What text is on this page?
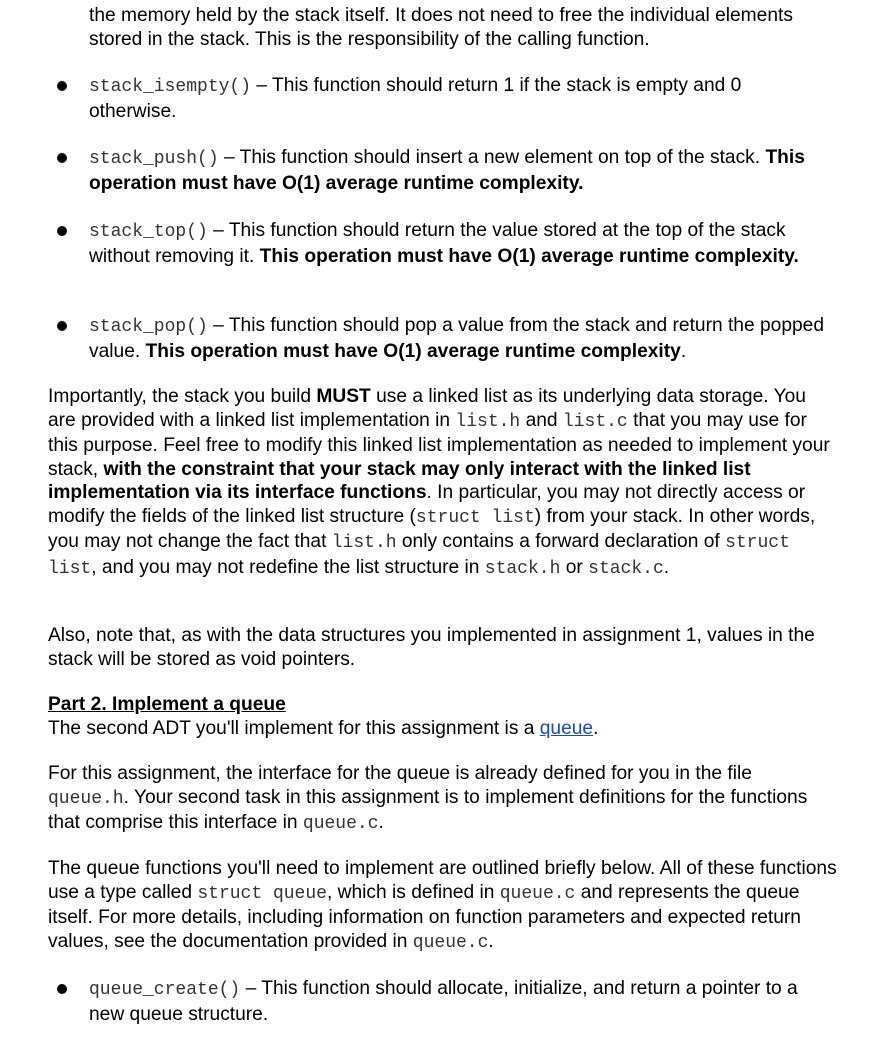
the memory held by the stack itself. It does not need to free the individual elements stored in the stack. This is the responsibility of the calling function.

stack_isempty() – This function should return 1 if the stack is empty and 0 otherwise.

stack_push() – This function should insert a new element on top of the stack. This operation must have O(1) average runtime complexity.

stack_top() – This function should return the value stored at the top of the stack without removing it. This operation must have O(1) average runtime complexity.

stack_pop() – This function should pop a value from the stack and return the popped value. This operation must have O(1) average runtime complexity.

Importantly, the stack you build MUST use a linked list as its underlying data storage. You are provided with a linked list implementation in list.h and list.c that you may use for this purpose. Feel free to modify this linked list implementation as needed to implement your stack, with the constraint that your stack may only interact with the linked list implementation via its interface functions. In particular, you may not directly access or modify the fields of the linked list structure (struct list) from your stack. In other words, you may not change the fact that list.h only contains a forward declaration of struct list, and you may not redefine the list structure in stack.h or stack.c.

Also, note that, as with the data structures you implemented in assignment 1, values in the stack will be stored as void pointers.

Part 2. Implement a queue
The second ADT you'll implement for this assignment is a queue.

For this assignment, the interface for the queue is already defined for you in the file queue.h. Your second task in this assignment is to implement definitions for the functions that comprise this interface in queue.c.

The queue functions you'll need to implement are outlined briefly below. All of these functions use a type called struct queue, which is defined in queue.c and represents the queue itself. For more details, including information on function parameters and expected return values, see the documentation provided in queue.c.

queue_create() – This function should allocate, initialize, and return a pointer to a new queue structure.
